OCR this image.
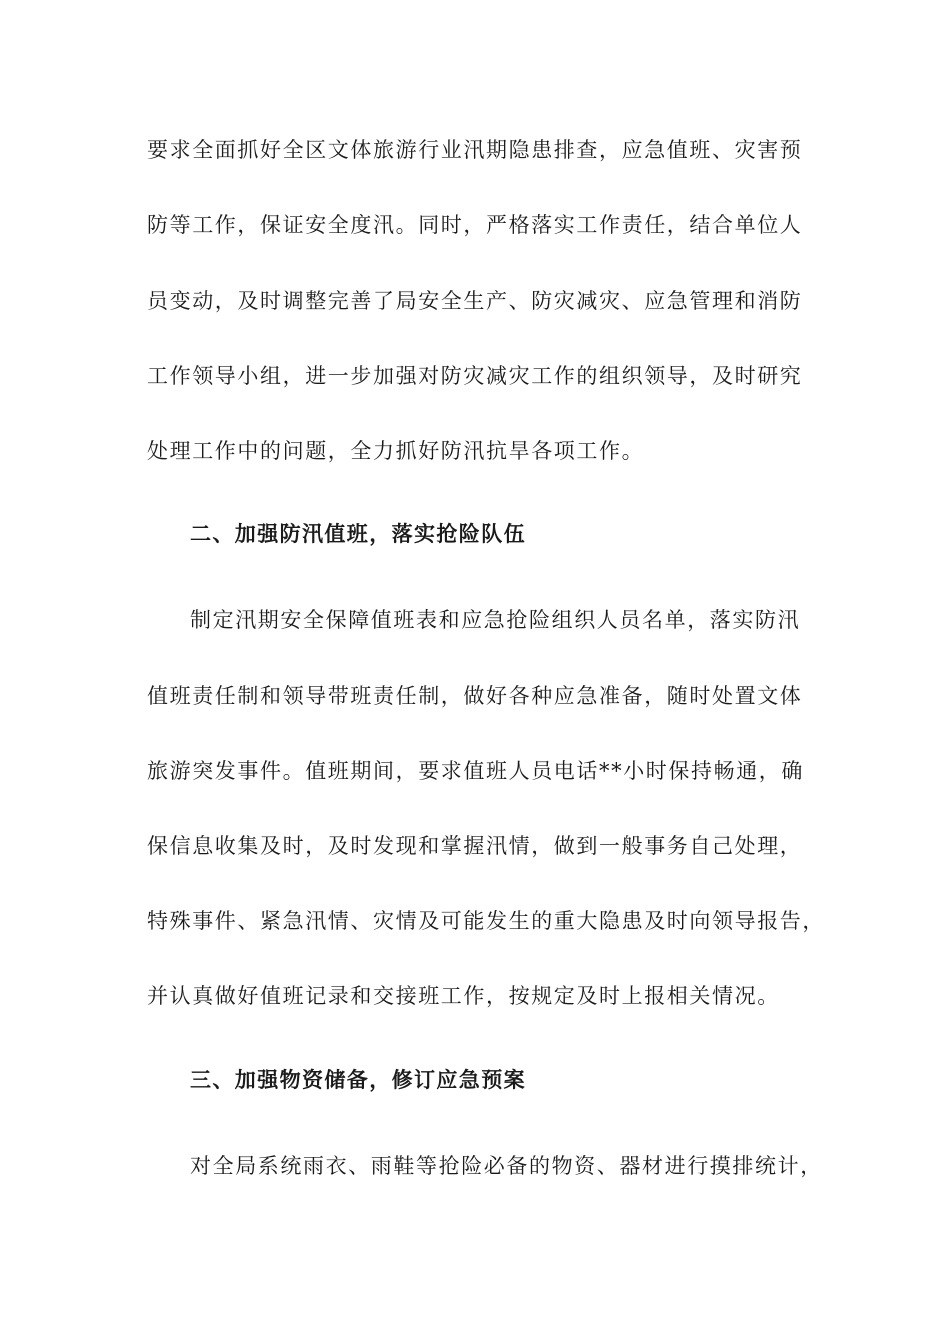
要求全面抓好全区文体旅游行业汛期隐患排查，应急值班、灾害预
防等工作，保证安全度汛。同时，严格落实工作责任，结合单位人
员变动，及时调整完善了局安全生产、防灾减灾、应急管理和消防
工作领导小组，进一步加强对防灾减灾工作的组织领导，及时研究
处理工作中的问题，全力抓好防汛抗旱各项工作。
二、加强防汛值班，落实抢险队伍
制定汛期安全保障值班表和应急抢险组织人员名单，落实防汛
值班责任制和领导带班责任制，做好各种应急准备，随时处置文体
旅游突发事件。值班期间，要求值班人员电话**小时保持畅通，确
保信息收集及时，及时发现和掌握汛情，做到一般事务自己处理，
特殊事件、紧急汛情、灾情及可能发生的重大隐患及时向领导报告，
并认真做好值班记录和交接班工作，按规定及时上报相关情况。
三、加强物资储备，修订应急预案
对全局系统雨衣、雨鞋等抢险必备的物资、器材进行摸排统计，
